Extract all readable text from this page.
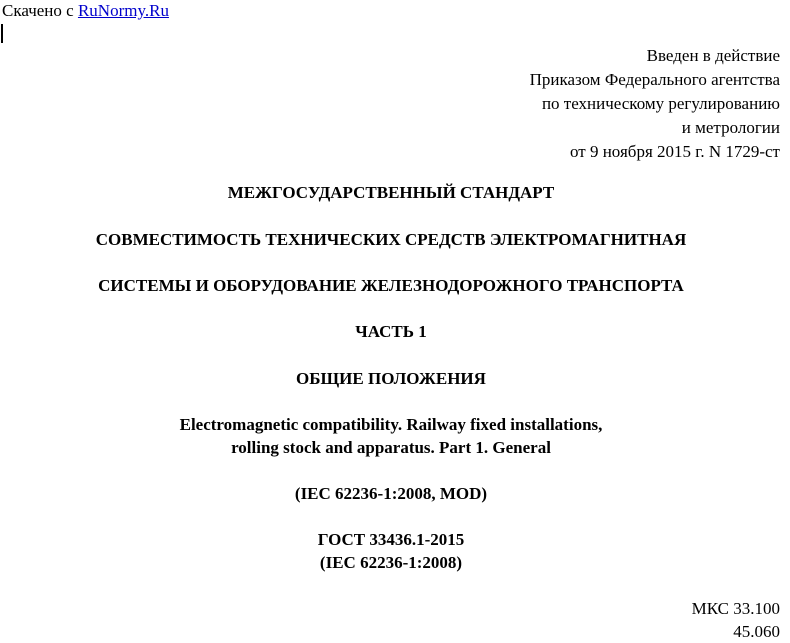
Скачено с RuNormy.Ru
Введен в действие
Приказом Федерального агентства
по техническому регулированию
и метрологии
от 9 ноября 2015 г. N 1729-ст
МЕЖГОСУДАРСТВЕННЫЙ СТАНДАРТ
СОВМЕСТИМОСТЬ ТЕХНИЧЕСКИХ СРЕДСТВ ЭЛЕКТРОМАГНИТНАЯ
СИСТЕМЫ И ОБОРУДОВАНИЕ ЖЕЛЕЗНОДОРОЖНОГО ТРАНСПОРТА
ЧАСТЬ 1
ОБЩИЕ ПОЛОЖЕНИЯ
Electromagnetic compatibility. Railway fixed installations,
rolling stock and apparatus. Part 1. General
(IEC 62236-1:2008, MOD)
ГОСТ 33436.1-2015
(IEC 62236-1:2008)
МКС 33.100
45.060
